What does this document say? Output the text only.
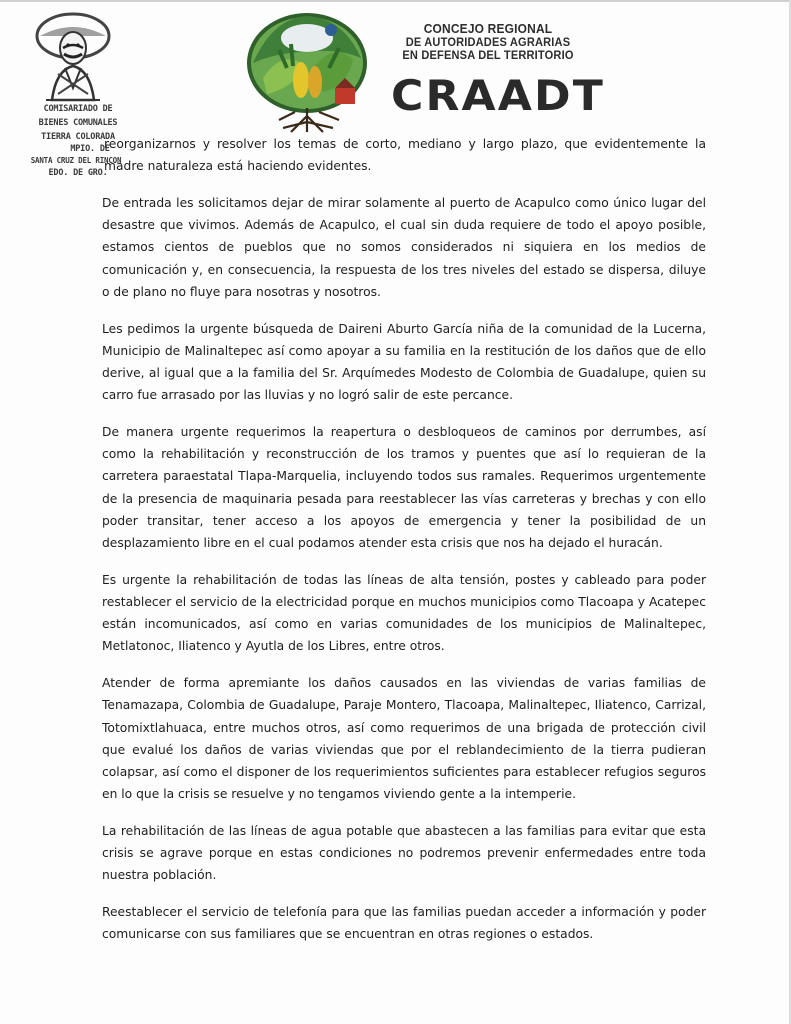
COMISARIADO DE
BIENES COMUNALES
TIERRA COLORADA
MPIO. DE
SANTA CRUZ DEL RINCON
EDO. DE GRO.
CONCEJO REGIONAL
DE AUTORIDADES AGRARIAS
EN DEFENSA DEL TERRITORIO
CRAADT

reorganizarnos y resolver los temas de corto, mediano y largo plazo, que evidentemente la madre naturaleza está haciendo evidentes.

De entrada les solicitamos dejar de mirar solamente al puerto de Acapulco como único lugar del desastre que vivimos. Además de Acapulco, el cual sin duda requiere de todo el apoyo posible, estamos cientos de pueblos que no somos considerados ni siquiera en los medios de comunicación y, en consecuencia, la respuesta de los tres niveles del estado se dispersa, diluye o de plano no fluye para nosotras y nosotros.

Les pedimos la urgente búsqueda de Daireni Aburto García niña de la comunidad de la Lucerna, Municipio de Malinaltepec así como apoyar a su familia en la restitución de los daños que de ello derive, al igual que a la familia del Sr. Arquímedes Modesto de Colombia de Guadalupe, quien su carro fue arrasado por las lluvias y no logró salir de este percance.

De manera urgente requerimos la reapertura o desbloqueos de caminos por derrumbes, así como la rehabilitación y reconstrucción de los tramos y puentes que así lo requieran de la carretera paraestatal Tlapa-Marquelia, incluyendo todos sus ramales. Requerimos urgentemente de la presencia de maquinaria pesada para reestablecer las vías carreteras y brechas y con ello poder transitar, tener acceso a los apoyos de emergencia y tener la posibilidad de un desplazamiento libre en el cual podamos atender esta crisis que nos ha dejado el huracán.

Es urgente la rehabilitación de todas las líneas de alta tensión, postes y cableado para poder restablecer el servicio de la electricidad porque en muchos municipios como Tlacoapa y Acatepec están incomunicados, así como en varias comunidades de los municipios de Malinaltepec, Metlatonoc, Iliatenco y Ayutla de los Libres, entre otros.

Atender de forma apremiante los daños causados en las viviendas de varias familias de Tenamazapa, Colombia de Guadalupe, Paraje Montero, Tlacoapa, Malinaltepec, Iliatenco, Carrizal, Totomixtlahuaca, entre muchos otros, así como requerimos de una brigada de protección civil que evalué los daños de varias viviendas que por el reblandecimiento de la tierra pudieran colapsar, así como el disponer de los requerimientos suficientes para establecer refugios seguros en lo que la crisis se resuelve y no tengamos viviendo gente a la intemperie.

La rehabilitación de las líneas de agua potable que abastecen a las familias para evitar que esta crisis se agrave porque en estas condiciones no podremos prevenir enfermedades entre toda nuestra población.

Reestablecer el servicio de telefonía para que las familias puedan acceder a información y poder comunicarse con sus familiares que se encuentran en otras regiones o estados.
